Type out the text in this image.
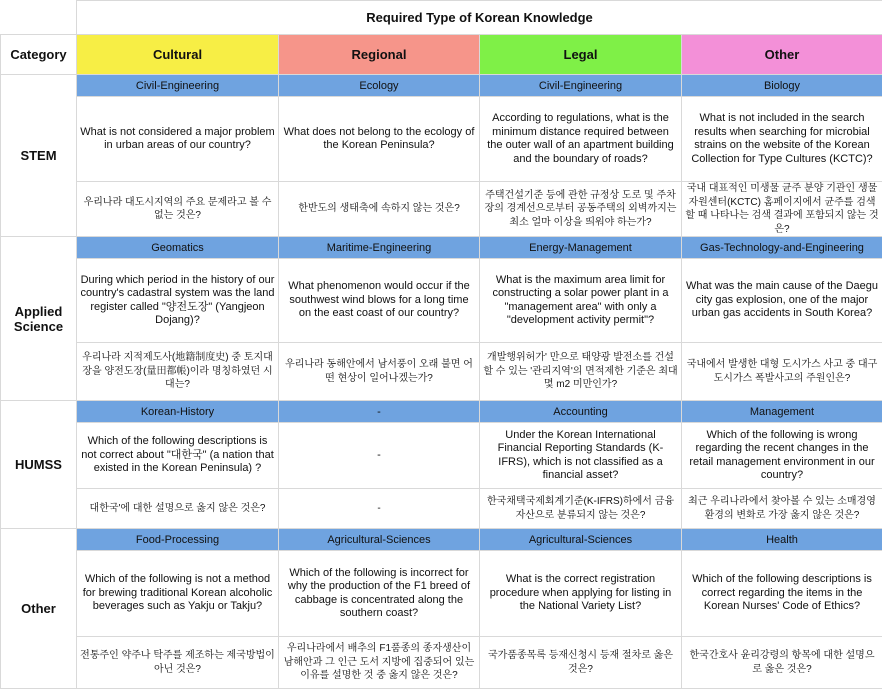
	Required Type of Korean Knowledge			
Category	Cultural	Regional	Legal	Other
STEM	Civil-Engineering	Ecology	Civil-Engineering	Biology
	What is not considered a major problem in urban areas of our country?	What does not belong to the ecology of the Korean Peninsula?	According to regulations, what is the minimum distance required between the outer wall of an apartment building and the boundary of roads?	What is not included in the search results when searching for microbial strains on the website of the Korean Collection for Type Cultures (KCTC)?
	우리나라 대도시지역의 주요 문제라고 볼 수 없는 것은?	한반도의 생태축에 속하지 않는 것은?	주택건설기준 등에 관한 규정상 도로 및 주차장의 경계선으로부터 공동주택의 외벽까지는 최소 얼마 이상을 띄워야 하는가?	국내 대표적인 미생물 균주 분양 기관인 생물자원센터(KCTC) 홈페이지에서 균주를 검색할 때 나타나는 검색 결과에 포함되지 않는 것은?
Applied Science	Geomatics	Maritime-Engineering	Energy-Management	Gas-Technology-and-Engineering
	During which period in the history of our country's cadastral system was the land register called "양전도장" (Yangjeon Dojang)?	What phenomenon would occur if the southwest wind blows for a long time on the east coast of our country?	What is the maximum area limit for constructing a solar power plant in a "management area" with only a "development activity permit"?	What was the main cause of the Daegu city gas explosion, one of the major urban gas accidents in South Korea?
	우리나라 지적제도사(地籍制度史) 중 토지대장을 양전도장(量田都帳)이라 명칭하였던 시대는?	우리나라 동해안에서 남서풍이 오래 불면 어떤 현상이 일어나겠는가?	개발행위허가' 만으로 태양광 발전소를 건설할 수 있는 '관리지역'의 면적제한 기준은 최대 몇 m2 미만인가?	국내에서 발생한 대형 도시가스 사고 중 대구 도시가스 폭발사고의 주원인은?
HUMSS	Korean-History	-	Accounting	Management
	Which of the following descriptions is not correct about "대한국" (a nation that existed in the Korean Peninsula) ?	-	Under the Korean International Financial Reporting Standards (K-IFRS), which is not classified as a financial asset?	Which of the following is wrong regarding the recent changes in the retail management environment in our country?
	대한국'에 대한 설명으로 옳지 않은 것은?	-	한국채택국제회계기준(K-IFRS)하에서 금융자산으로 분류되지 않는 것은?	최근 우리나라에서 찾아볼 수 있는 소매경영환경의 변화로 가장 옳지 않은 것은?
Other	Food-Processing	Agricultural-Sciences	Agricultural-Sciences	Health
	Which of the following is not a method for brewing traditional Korean alcoholic beverages such as Yakju or Takju?	Which of the following is incorrect for why the production of the F1 breed of cabbage is concentrated along the southern coast?	What is the correct registration procedure when applying for listing in the National Variety List?	Which of the following descriptions is correct regarding the items in the Korean Nurses' Code of Ethics?
	전통주인 약주나 탁주를 제조하는 제국방법이 아닌 것은?	우리나라에서 배추의 F1품종의 종자생산이 남해안과 그 인근 도서 지방에 집중되어 있는 이유를 설명한 것 중 옳지 않은 것은?	국가품종목록 등재신청시 등재 절차로 옳은 것은?	한국간호사 윤리강령의 항목에 대한 설명으로 옳은 것은?
